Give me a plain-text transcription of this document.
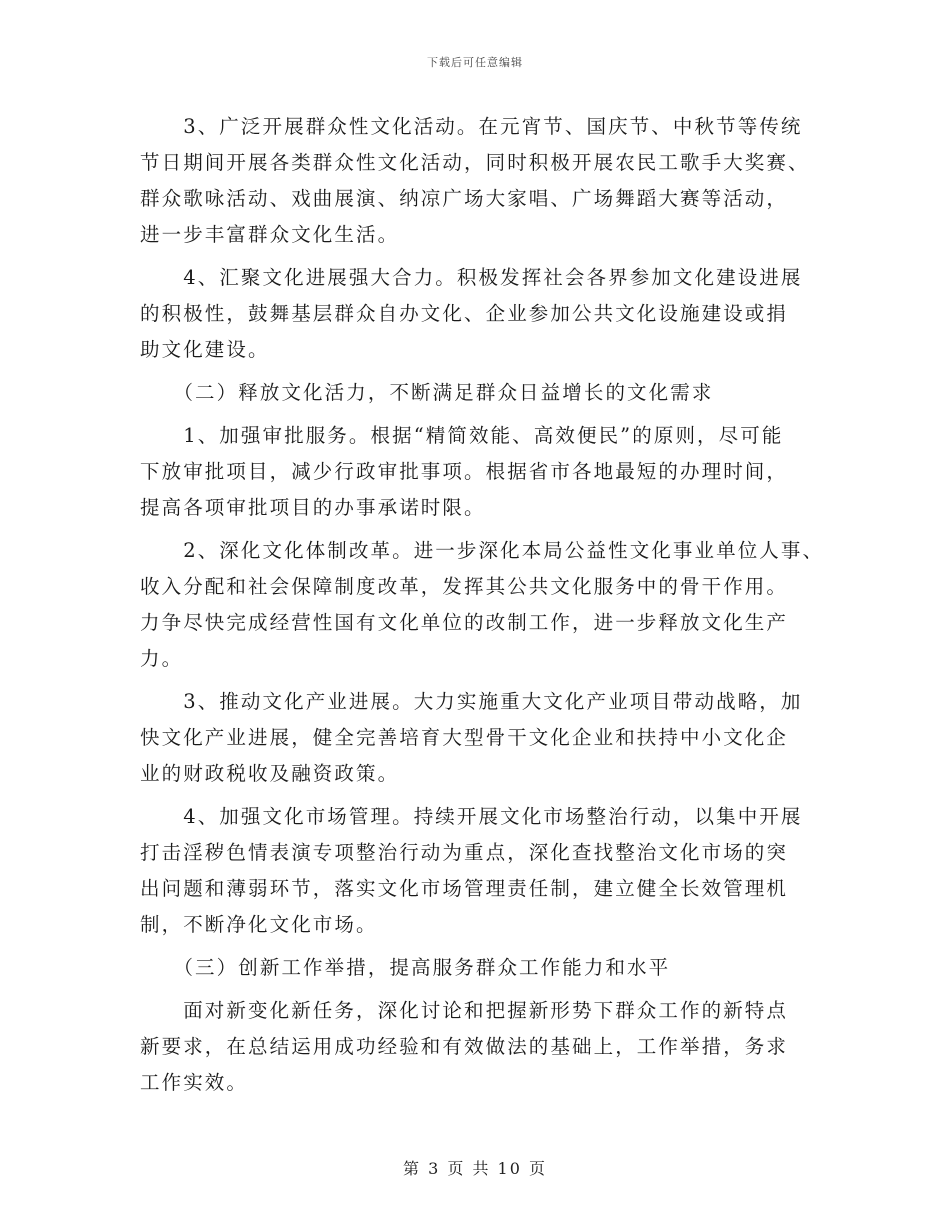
下载后可任意编辑
　　3、广泛开展群众性文化活动。在元宵节、国庆节、中秋节等传统
节日期间开展各类群众性文化活动，同时积极开展农民工歌手大奖赛、
群众歌咏活动、戏曲展演、纳凉广场大家唱、广场舞蹈大赛等活动，
进一步丰富群众文化生活。
　　4、汇聚文化进展强大合力。积极发挥社会各界参加文化建设进展
的积极性，鼓舞基层群众自办文化、企业参加公共文化设施建设或捐
助文化建设。
　　（二）释放文化活力，不断满足群众日益增长的文化需求
　　1、加强审批服务。根据“精简效能、高效便民”的原则，尽可能
下放审批项目，减少行政审批事项。根据省市各地最短的办理时间，
提高各项审批项目的办事承诺时限。
　　2、深化文化体制改革。进一步深化本局公益性文化事业单位人事、
收入分配和社会保障制度改革，发挥其公共文化服务中的骨干作用。
力争尽快完成经营性国有文化单位的改制工作，进一步释放文化生产
力。
　　3、推动文化产业进展。大力实施重大文化产业项目带动战略，加
快文化产业进展，健全完善培育大型骨干文化企业和扶持中小文化企
业的财政税收及融资政策。
　　4、加强文化市场管理。持续开展文化市场整治行动，以集中开展
打击淫秽色情表演专项整治行动为重点，深化查找整治文化市场的突
出问题和薄弱环节，落实文化市场管理责任制，建立健全长效管理机
制，不断净化文化市场。
　　（三）创新工作举措，提高服务群众工作能力和水平
　　面对新变化新任务，深化讨论和把握新形势下群众工作的新特点
新要求，在总结运用成功经验和有效做法的基础上，工作举措，务求
工作实效。
第 3 页 共 10 页
